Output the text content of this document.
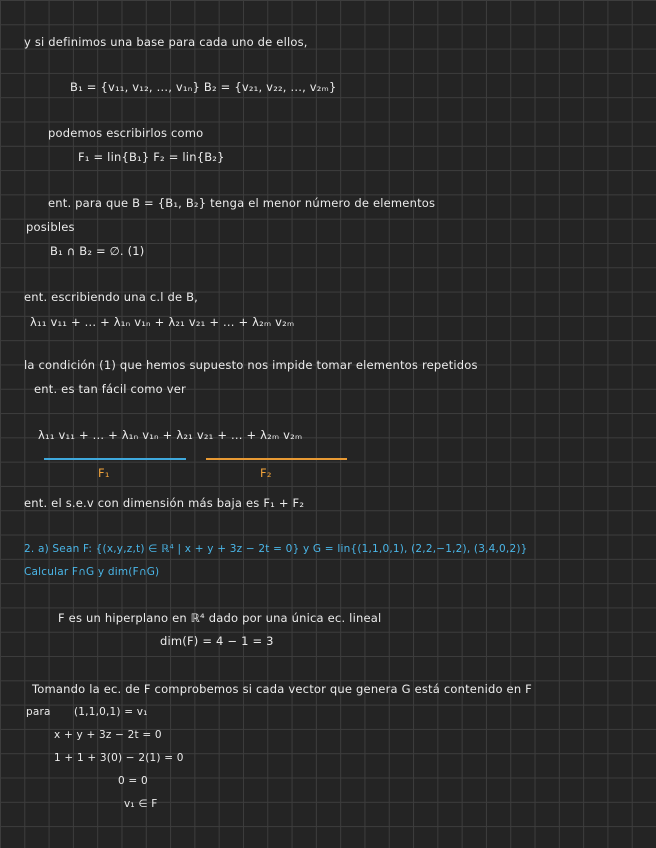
y si definimos una base para cada uno de ellos,
B₁ = {v₁₁, v₁₂, ..., v₁ₙ} B₂ = {v₂₁, v₂₂, ..., v₂ₘ}
podemos escribirlos como
F₁ = lin{B₁} F₂ = lin{B₂}
ent. para que B = {B₁, B₂} tenga el menor número de elementos
posibles
B₁ ∩ B₂ = ∅. (1)
ent. escribiendo una c.l de B,
λ₁₁ v₁₁ + ... + λ₁ₙ v₁ₙ + λ₂₁ v₂₁ + ... + λ₂ₘ v₂ₘ
la condición (1) que hemos supuesto nos impide tomar elementos repetidos
ent. es tan fácil como ver
λ₁₁ v₁₁ + ... + λ₁ₙ v₁ₙ + λ₂₁ v₂₁ + ... + λ₂ₘ v₂ₘ
F₁	F₂
ent. el s.e.v con dimensión más baja es F₁ + F₂
2. a) Sean F: {(x,y,z,t) ∈ ℝ⁴ | x + y + 3z − 2t = 0} y G = lin{(1,1,0,1), (2,2,−1,2), (3,4,0,2)}
Calcular F∩G y dim(F∩G)
F es un hiperplano en ℝ⁴ dado por una única ec. lineal
dim(F) = 4 − 1 = 3
Tomando la ec. de F comprobemos si cada vector que genera G está contenido en F
para (1,1,0,1) = v₁
x + y + 3z − 2t = 0
1 + 1 + 3(0) − 2(1) = 0
0 = 0
v₁ ∈ F
